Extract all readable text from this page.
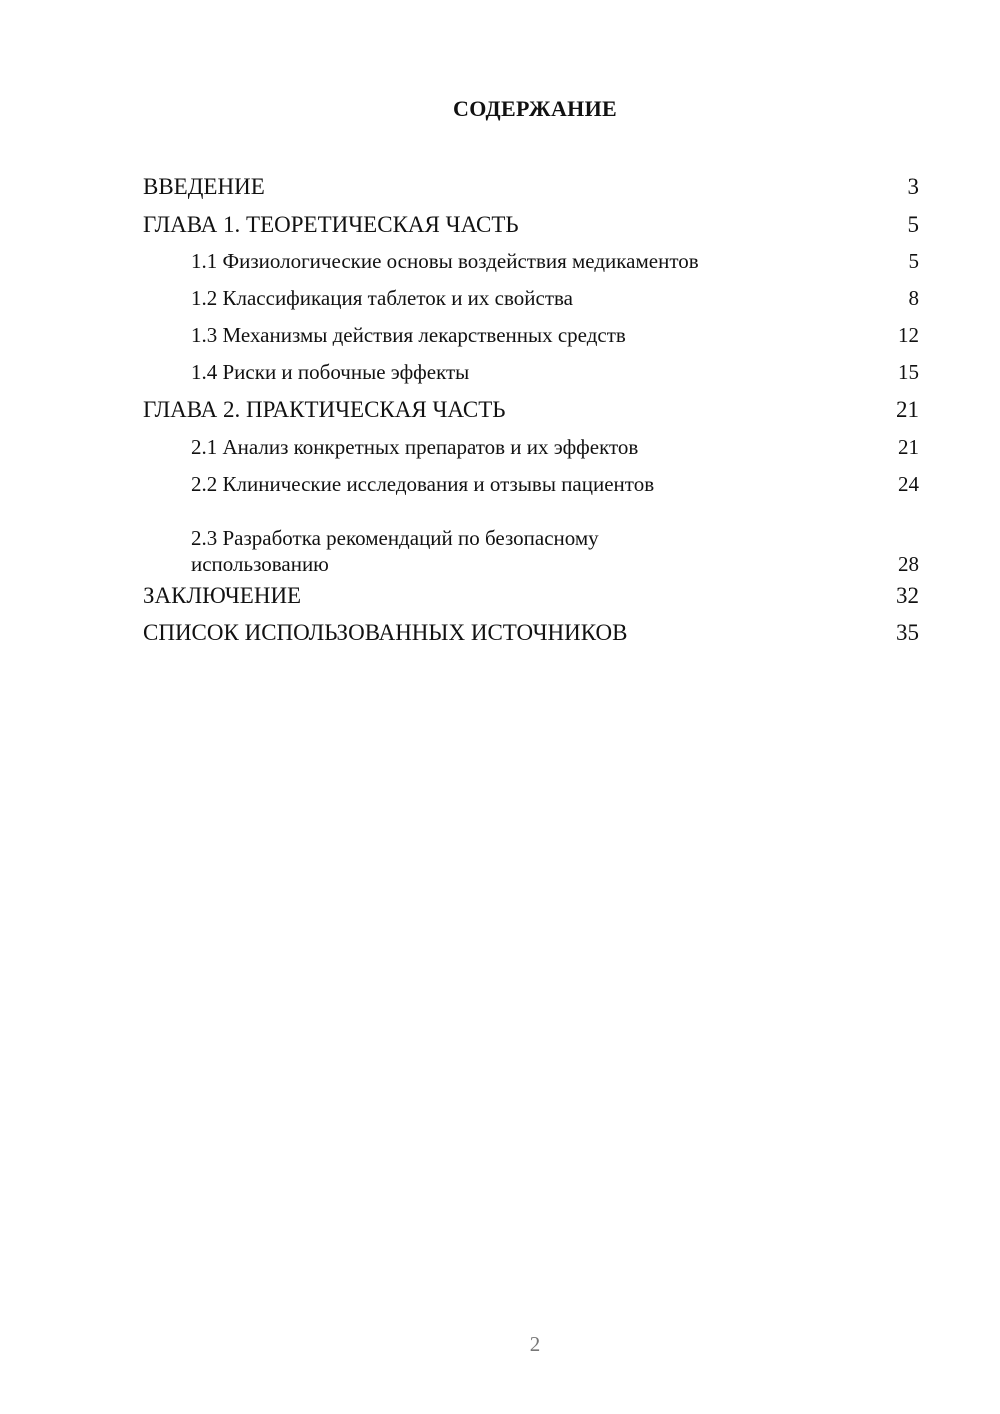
СОДЕРЖАНИЕ
ВВЕДЕНИЕ	3
ГЛАВА 1. ТЕОРЕТИЧЕСКАЯ ЧАСТЬ	5
1.1 Физиологические основы воздействия медикаментов	5
1.2 Классификация таблеток и их свойства	8
1.3 Механизмы действия лекарственных средств	12
1.4 Риски и побочные эффекты	15
ГЛАВА 2. ПРАКТИЧЕСКАЯ ЧАСТЬ	21
2.1 Анализ конкретных препаратов и их эффектов	21
2.2 Клинические исследования и отзывы пациентов	24
2.3 Разработка рекомендаций по безопасному использованию	28
ЗАКЛЮЧЕНИЕ	32
СПИСОК ИСПОЛЬЗОВАННЫХ ИСТОЧНИКОВ	35
2
